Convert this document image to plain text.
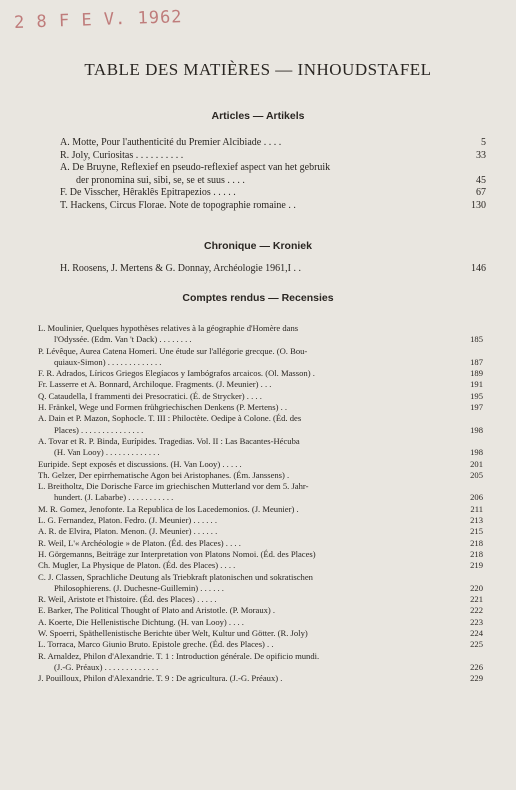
2 8 F E V. 1962
TABLE DES MATIÈRES — INHOUDSTAFEL
Articles — Artikels
A. Motte, Pour l'authenticité du Premier Alcibiade . . . .	5
R. Joly, Curiositas . . . . . . . . . .	33
A. De Bruyne, Reflexief en pseudo-reflexief aspect van het gebruik
der pronomina sui, sibi, se, se et suus . . . .	45
F. De Visscher, Hêraklês Epitrapezios . . . . .	67
T. Hackens, Circus Florae. Note de topographie romaine . .	130
Chronique — Kroniek
H. Roosens, J. Mertens & G. Donnay, Archéologie 1961,I . .	146
Comptes rendus — Recensies
L. Moulinier, Quelques hypothèses relatives à la géographie d'Homère dans
l'Odyssée. (Edm. Van 't Dack) . . . . . . . .	185
P. Lévêque, Aurea Catena Homeri. Une étude sur l'allégorie grecque. (O. Bou-
quiaux-Simon) . . . . . . . . . . . . .	187
F. R. Adrados, Líricos Griegos Elegíacos y Iambógrafos arcaicos. (Ol. Masson) .	189
Fr. Lasserre et A. Bonnard, Archiloque. Fragments. (J. Meunier) . . .	191
Q. Cataudella, I frammenti dei Presocratici. (É. de Strycker) . . . .	195
H. Fränkel, Wege und Formen frühgriechischen Denkens (P. Mertens) . .	197
A. Dain et P. Mazon, Sophocle. T. III : Philoctète. Oedipe à Colone. (Éd. des
Places) . . . . . . . . . . . . . . .	198
A. Tovar et R. P. Binda, Eurípides. Tragedias. Vol. II : Las Bacantes-Hécuba
(H. Van Looy) . . . . . . . . . . . . .	198
Euripide. Sept exposés et discussions. (H. Van Looy) . . . . .	201
Th. Gelzer, Der epirrhematische Agon bei Aristophanes. (Ém. Janssens) .	205
L. Breitholtz, Die Dorische Farce im griechischen Mutterland vor dem 5. Jahr-
hundert. (J. Labarbe) . . . . . . . . . . .	206
M. R. Gomez, Jenofonte. La Republica de los Lacedemonios. (J. Meunier) .	211
L. G. Fernandez, Platon. Fedro. (J. Meunier) . . . . . .	213
A. R. de Elvira, Platon. Menon. (J. Meunier) . . . . . .	215
R. Weil, L'« Archéologie » de Platon. (Éd. des Places) . . . .	218
H. Görgemanns, Beiträge zur Interpretation von Platons Nomoi. (Éd. des Places)	218
Ch. Mugler, La Physique de Platon. (Éd. des Places) . . . .	219
C. J. Classen, Sprachliche Deutung als Triebkraft platonischen und sokratischen
Philosophierens. (J. Duchesne-Guillemin) . . . . . .	220
R. Weil, Aristote et l'histoire. (Éd. des Places) . . . . .	221
E. Barker, The Political Thought of Plato and Aristotle. (P. Moraux) .	222
A. Koerte, Die Hellenistische Dichtung. (H. van Looy) . . . .	223
W. Spoerri, Späthellenistische Berichte über Welt, Kultur und Götter. (R. Joly)	224
L. Torraca, Marco Giunio Bruto. Epistole greche. (Éd. des Places) . .	225
R. Arnaldez, Philon d'Alexandrie. T. 1 : Introduction générale. De opificio mundi.
(J.-G. Préaux) . . . . . . . . . . . . .	226
J. Pouilloux, Philon d'Alexandrie. T. 9 : De agricultura. (J.-G. Préaux) .	229
